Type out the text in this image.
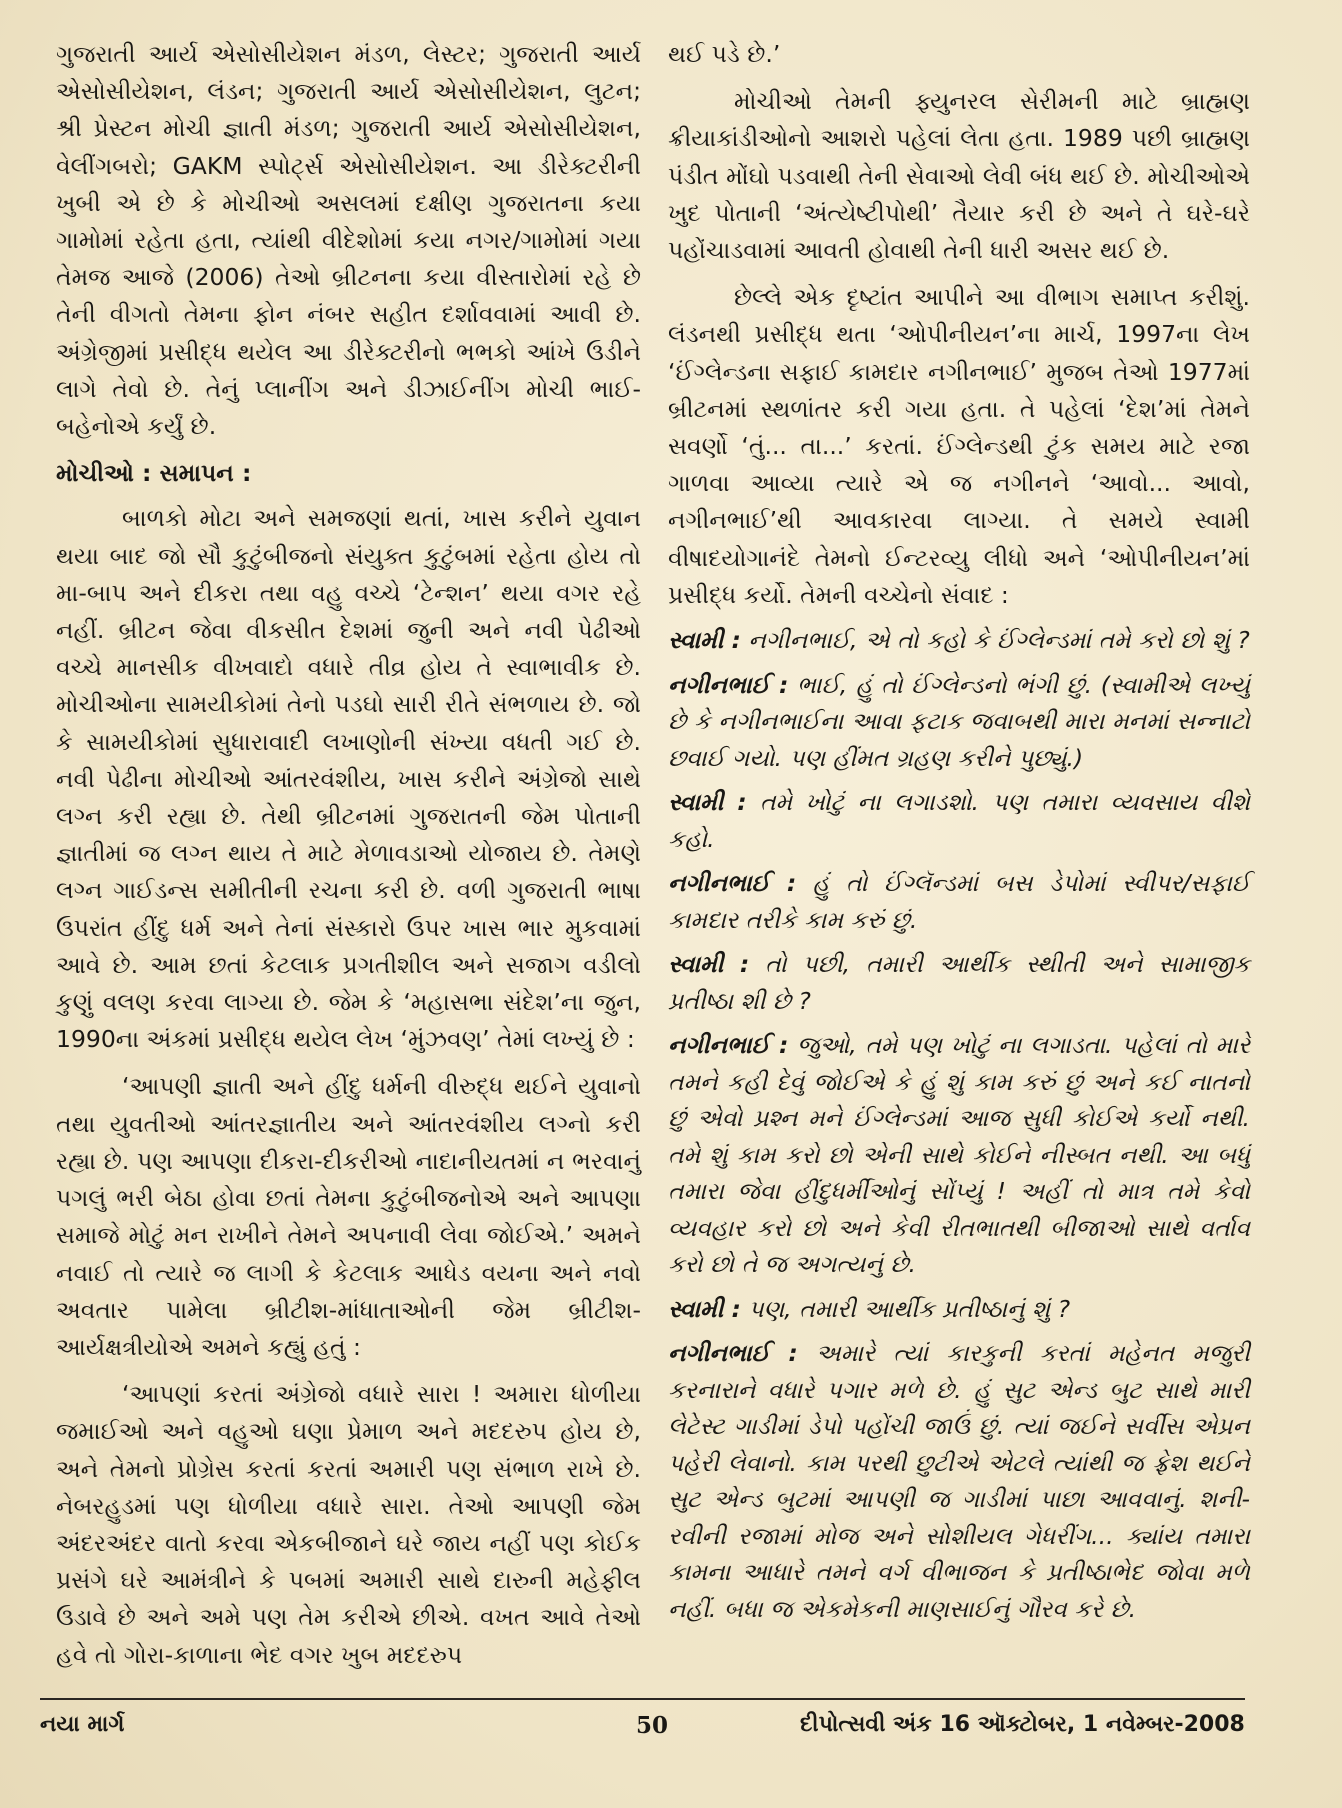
ગુજરાતી આર્ય એસોસીયેશન મંડળ, લેસ્ટર; ગુજરાતી આર્ય એસોસીયેશન, લંડન; ગુજરાતી આર્ય એસોસીયેશન, લુટન; શ્રી પ્રેસ્ટન મોચી જ્ઞાતી મંડળ; ગુજરાતી આર્ય એસોસીયેશન, વેલીંગબરો; GAKM સ્પોર્ટ્સ એસોસીયેશન. આ ડીરેક્ટરીની ખુબી એ છે કે મોચીઓ અસલમાં દક્ષીણ ગુજરાતના કયા ગામોમાં રહેતા હતા, ત્યાંથી વીદેશોમાં કયા નગર/ગામોમાં ગયા તેમજ આજે (2006) તેઓ બ્રીટનના કયા વીસ્તારોમાં રહે છે તેની વીગતો તેમના ફોન નંબર સહીત દર્શાવવામાં આવી છે. અંગ્રેજીમાં પ્રસીદ્ધ થયેલ આ ડીરેક્ટરીનો ભભકો આંખે ઉડીને લાગે તેવો છે. તેનું પ્લાનીંગ અને ડીઝાઈનીંગ મોચી ભાઈ- બહેનોએ કર્યું છે.

મોચીઓ : સમાપન :

બાળકો મોટા અને સમજણાં થતાં, ખાસ કરીને યુવાન થયા બાદ જો સૌ કુટુંબીજનો સંયુક્ત કુટુંબમાં રહેતા હોય તો મા-બાપ અને દીકરા તથા વહુ વચ્ચે ‘ટેન્શન’ થયા વગર રહે નહીં. બ્રીટન જેવા વીકસીત દેશમાં જુની અને નવી પેઢીઓ વચ્ચે માનસીક વીખવાદો વધારે તીવ્ર હોય તે સ્વાભાવીક છે. મોચીઓના સામયીકોમાં તેનો પડઘો સારી રીતે સંભળાય છે. જો કે સામયીકોમાં સુધારાવાદી લખાણોની સંખ્યા વધતી ગઈ છે. નવી પેઢીના મોચીઓ આંતરવંશીય, ખાસ કરીને અંગ્રેજો સાથે લગ્ન કરી રહ્યા છે. તેથી બ્રીટનમાં ગુજરાતની જેમ પોતાની જ્ઞાતીમાં જ લગ્ન થાય તે માટે મેળાવડાઓ યોજાય છે. તેમણે લગ્ન ગાઈડન્સ સમીતીની રચના કરી છે. વળી ગુજરાતી ભાષા ઉપરાંત હીંદુ ધર્મ અને તેનાં સંસ્કારો ઉપર ખાસ ભાર મુકવામાં આવે છે. આમ છતાં કેટલાક પ્રગતીશીલ અને સજાગ વડીલો કુણું વલણ કરવા લાગ્યા છે. જેમ કે ‘મહાસભા સંદેશ’ના જુન, 1990ના અંકમાં પ્રસીદ્ધ થયેલ લેખ ‘મુંઝવણ’ તેમાં લખ્યું છે :

‘આપણી જ્ઞાતી અને હીંદુ ધર્મની વીરુદ્ધ થઈને યુવાનો તથા યુવતીઓ આંતરજ્ઞાતીય અને આંતરવંશીય લગ્નો કરી રહ્યા છે. પણ આપણા દીકરા-દીકરીઓ નાદાનીયતમાં ન ભરવાનું પગલું ભરી બેઠા હોવા છતાં તેમના કુટુંબીજનોએ અને આપણા સમાજે મોટું મન રાખીને તેમને અપનાવી લેવા જોઈએ.’ અમને નવાઈ તો ત્યારે જ લાગી કે કેટલાક આધેડ વયના અને નવો અવતાર પામેલા બ્રીટીશ-માંધાતાઓની જેમ બ્રીટીશ-આર્યક્ષત્રીયોએ અમને કહ્યું હતું :

‘આપણાં કરતાં અંગ્રેજો વધારે સારા ! અમારા ધોળીયા જમાઈઓ અને વહુઓ ઘણા પ્રેમાળ અને મદદરુપ હોય છે, અને તેમનો પ્રોગ્રેસ કરતાં કરતાં અમારી પણ સંભાળ રાખે છે. નેબરહુડમાં પણ ધોળીયા વધારે સારા. તેઓ આપણી જેમ અંદરઅંદર વાતો કરવા એકબીજાને ઘરે જાય નહીં પણ કોઈક પ્રસંગે ઘરે આમંત્રીને કે પબમાં અમારી સાથે દારુની મહેફીલ ઉડાવે છે અને અમે પણ તેમ કરીએ છીએ. વખત આવે તેઓ હવે તો ગોરા-કાળાના ભેદ વગર ખુબ મદદરુપ

થઈ પડે છે.’

મોચીઓ તેમની ફ્યુનરલ સેરીમની માટે બ્રાહ્મણ ક્રીયાકાંડીઓનો આશરો પહેલાં લેતા હતા. 1989 પછી બ્રાહ્મણ પંડીત મોંઘો પડવાથી તેની સેવાઓ લેવી બંધ થઈ છે. મોચીઓએ ખુદ પોતાની ‘અંત્યેષ્ટીપોથી’ તૈયાર કરી છે અને તે ઘરે-ઘરે પહોંચાડવામાં આવતી હોવાથી તેની ધારી અસર થઈ છે.

છેલ્લે એક દૃષ્ટાંત આપીને આ વીભાગ સમાપ્ત કરીશું. લંડનથી પ્રસીદ્ધ થતા ‘ઓપીનીયન’ના માર્ચ, 1997ના લેખ ‘ઈંગ્લેન્ડના સફાઈ કામદાર નગીનભાઈ’ મુજબ તેઓ 1977માં બ્રીટનમાં સ્થળાંતર કરી ગયા હતા. તે પહેલાં ‘દેશ’માં તેમને સવર્ણો ‘તું... તા...’ કરતાં. ઈંગ્લેન્ડથી ટુંક સમય માટે રજા ગાળવા આવ્યા ત્યારે એ જ નગીનને ‘આવો... આવો, નગીનભાઈ’થી આવકારવા લાગ્યા. તે સમયે સ્વામી વીષાદયોગાનંદે તેમનો ઈન્ટરવ્યુ લીધો અને ‘ઓપીનીયન’માં પ્રસીદ્ધ કર્યો. તેમની વચ્ચેનો સંવાદ :

સ્વામી : નગીનભાઈ, એ તો કહો કે ઈંગ્લેન્ડમાં તમે કરો છો શું ?

નગીનભાઈ : ભાઈ, હું તો ઈંગ્લેન્ડનો ભંગી છું. (સ્વામીએ લખ્યું છે કે નગીનભાઈના આવા ફટાક જવાબથી મારા મનમાં સન્નાટો છવાઈ ગયો. પણ હીંમત ગ્રહણ કરીને પુછ્યું.)

સ્વામી : તમે ખોટું ના લગાડશો. પણ તમારા વ્યવસાય વીશે કહો.

નગીનભાઈ : હું તો ઈંગ્લૅન્ડમાં બસ ડેપોમાં સ્વીપર/સફાઈ કામદાર તરીકે કામ કરું છું.

સ્વામી : તો પછી, તમારી આર્થીક સ્થીતી અને સામાજીક પ્રતીષ્ઠા શી છે ?

નગીનભાઈ : જુઓ, તમે પણ ખોટું ના લગાડતા. પહેલાં તો મારે તમને કહી દેવું જોઈએ કે હું શું કામ કરું છું અને કઈ નાતનો છું એવો પ્રશ્ન મને ઈંગ્લેન્ડમાં આજ સુધી કોઈએ કર્યો નથી. તમે શું કામ કરો છો એની સાથે કોઈને નીસ્બત નથી. આ બધું તમારા જેવા હીંદુધર્મીઓનું સોંપ્યું ! અહીં તો માત્ર તમે કેવો વ્યવહાર કરો છો અને કેવી રીતભાતથી બીજાઓ સાથે વર્તાવ કરો છો તે જ અગત્યનું છે.

સ્વામી : પણ, તમારી આર્થીક પ્રતીષ્ઠાનું શું ?

નગીનભાઈ : અમારે ત્યાં કારકુની કરતાં મહેનત મજુરી કરનારાને વધારે પગાર મળે છે. હું સુટ એન્ડ બુટ સાથે મારી લેટેસ્ટ ગાડીમાં ડેપો પહોંચી જાઉં છું. ત્યાં જઈને સર્વીસ એપ્રન પહેરી લેવાનો. કામ પરથી છુટીએ એટલે ત્યાંથી જ ફ્રેશ થઈને સુટ એન્ડ બુટમાં આપણી જ ગાડીમાં પાછા આવવાનું. શની-રવીની રજામાં મોજ અને સોશીયલ ગેધરીંગ... ક્યાંય તમારા કામના આધારે તમને વર્ગ વીભાજન કે પ્રતીષ્ઠાભેદ જોવા મળે નહીં. બધા જ એકમેકની માણસાઈનું ગૌરવ કરે છે.

નયા માર્ગ	50	દીપોત્સવી અંક 16 ઑક્ટોબર, 1 નવેમ્બર-2008
